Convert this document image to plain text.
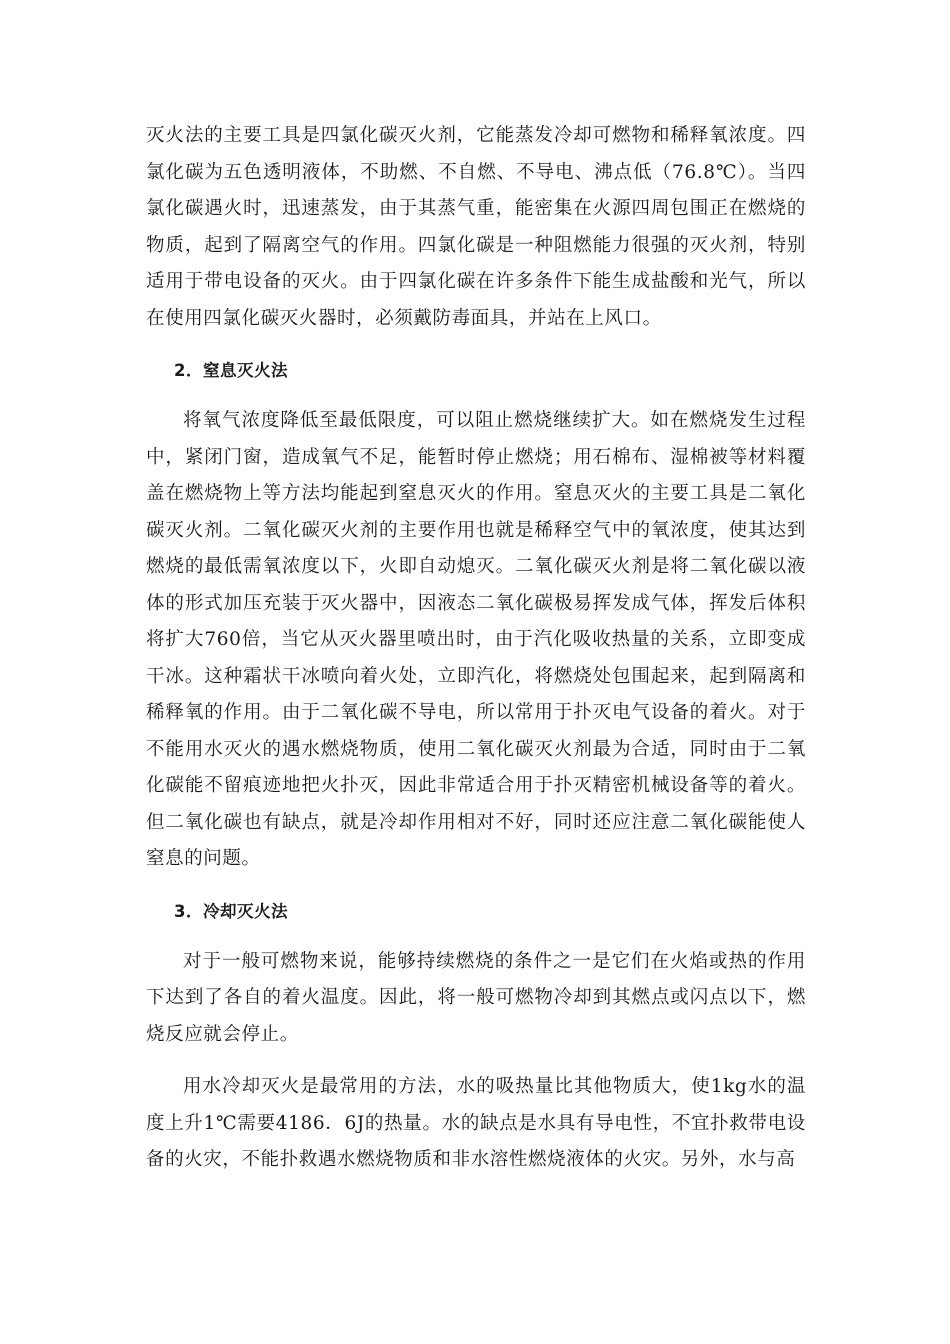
灭火法的主要工具是四氯化碳灭火剂，它能蒸发冷却可燃物和稀释氧浓度。四氯化碳为五色透明液体，不助燃、不自燃、不导电、沸点低（76.8℃）。当四氯化碳遇火时，迅速蒸发，由于其蒸气重，能密集在火源四周包围正在燃烧的物质，起到了隔离空气的作用。四氯化碳是一种阻燃能力很强的灭火剂，特别适用于带电设备的灭火。由于四氯化碳在许多条件下能生成盐酸和光气，所以在使用四氯化碳灭火器时，必须戴防毒面具，并站在上风口。

2．窒息灭火法

将氧气浓度降低至最低限度，可以阻止燃烧继续扩大。如在燃烧发生过程中，紧闭门窗，造成氧气不足，能暂时停止燃烧；用石棉布、湿棉被等材料覆盖在燃烧物上等方法均能起到窒息灭火的作用。窒息灭火的主要工具是二氧化碳灭火剂。二氧化碳灭火剂的主要作用也就是稀释空气中的氧浓度，使其达到燃烧的最低需氧浓度以下，火即自动熄灭。二氧化碳灭火剂是将二氧化碳以液体的形式加压充装于灭火器中，因液态二氧化碳极易挥发成气体，挥发后体积将扩大760倍，当它从灭火器里喷出时，由于汽化吸收热量的关系，立即变成干冰。这种霜状干冰喷向着火处，立即汽化，将燃烧处包围起来，起到隔离和稀释氧的作用。由于二氧化碳不导电，所以常用于扑灭电气设备的着火。对于不能用水灭火的遇水燃烧物质，使用二氧化碳灭火剂最为合适，同时由于二氧化碳能不留痕迹地把火扑灭，因此非常适合用于扑灭精密机械设备等的着火。但二氧化碳也有缺点，就是冷却作用相对不好，同时还应注意二氧化碳能使人窒息的问题。

3．冷却灭火法

对于一般可燃物来说，能够持续燃烧的条件之一是它们在火焰或热的作用下达到了各自的着火温度。因此，将一般可燃物冷却到其燃点或闪点以下，燃烧反应就会停止。

用水冷却灭火是最常用的方法，水的吸热量比其他物质大，使1kg水的温度上升1℃需要4186．6J的热量。水的缺点是水具有导电性，不宜扑救带电设备的火灾，不能扑救遇水燃烧物质和非水溶性燃烧液体的火灾。另外，水与高
